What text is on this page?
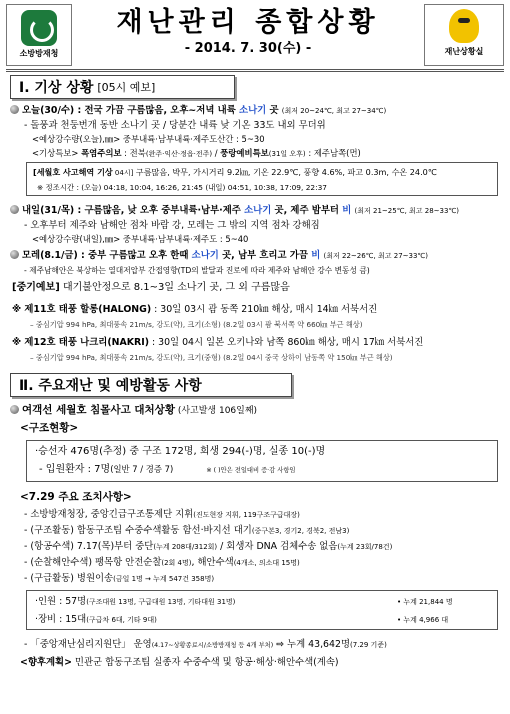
소방방재청
재난관리 종합상황
- 2014. 7. 30(수) -	재난상황실
Ⅰ. 기상 상황 [05시 예보]
오늘(30/수) : 전국 가끔 구름많음, 오후~저녁 내륙 소나기 곳 (최저 20~24℃, 최고 27~34℃)
- 돌풍과 천둥번개 동반 소나기 곳 / 당분간 내륙 낮 기온 33도 내외 무더위
<예상강수량(오늘),㎜> 중부내륙·남부내륙·제주도산간 : 5~30
<기상특보> 폭염주의보 : 전북(완주·익산·정읍·전주) / 풍랑예비특보(31일 오후) : 제주남쪽(먼)
[세월호 사고해역 기상 04시] 구름많음, 박무, 가시거리 9.2㎞, 기온 22.9℃, 풍향 4.6%, 파고 0.3m, 수온 24.0℃
※ 정조시간 : (오늘) 04:18, 10:04, 16:26, 21:45 (내일) 04:51, 10:38, 17:09, 22:37
내일(31/목) : 구름많음, 낮 오후 중부내륙·남부·제주 소나기 곳, 제주 밤부터 비 (최저 21~25℃, 최고 28~33℃)
- 오후부터 제주와 남해안 점차 바람 강, 모레는 그 밖의 지역 점차 강해짐
<예상강수량(내일),㎜> 중부내륙·남부내륙·제주도 : 5~40
모레(8.1/금) : 중부 구름많고 오후 한때 소나기 곳, 남부 흐리고 가끔 비 (최저 22~26℃, 최고 27~33℃)
- 제주남해안은 북상하는 열대저압부 간접영향(TD의 발달과 진로에 따라 제주와 남해안 강수 변동성 큼)
[중기예보] 대기불안정으로 8.1~3일 소나기 곳, 그 외 구름많음
※ 제11호 태풍 할롱(HALONG) : 30일 03시 괌 동쪽 210㎞ 해상, 매시 14㎞ 서북서진
– 중심기압 994 hPa, 최대풍속 21m/s, 강도(약), 크기(소형) (8.2일 03시 괌 북서쪽 약 660㎞ 부근 해상)
※ 제12호 태풍 나크리(NAKRI) : 30일 04시 일본 오키나와 남쪽 860㎞ 해상, 매시 17㎞ 서북서진
– 중심기압 994 hPa, 최대풍속 21m/s, 강도(약), 크기(중형) (8.2일 04시 중국 상하이 남동쪽 약 150㎞ 부근 해상)
Ⅱ. 주요재난 및 예방활동 사항
여객선 세월호 침몰사고 대처상황 (사고발생 106일째)
<구조현황>
·승선자 476명(추정) 중 구조 172명, 희생 294(-)명, 실종 10(-)명
- 입원환자 : 7명(일반 7 / 경증 7)	※ ( )안은 전일대비 증·감 사항임
<7.29 주요 조치사항>
- 소방방재청장, 중앙긴급구조통제단 지휘(진도현장 지휘, 119구조구급대장)
- (구조활동) 합동구조팀 수중수색활동 함선·바지선 대기(중구본3, 경기2, 경북2, 전남3)
- (항공수색) 7.17(목)부터 중단(누계 208대/312회) / 회생자 DNA 검체수송 없음(누계 23회/78건)
- (순찰해안수색) 팽목항 안전순찰(2회 4명), 해안수색(4개소, 의소대 15명)
- (구급활동) 병원이송(금일 1명 → 누계 547건 358명)
·인원 : 57명(구조대원 13명, 구급대원 13명, 기타대원 31명)	• 누계 21,844 명
·장비 : 15대(구급차 6대, 기타 9대)	• 누계 4,966 대
- 「중앙재난심리지원단」 운영(4.17~상황종료시/소방방재청 등 4개 부처) ⇨ 누계 43,642명(7.29 기준)
<향후계획> 민관군 합동구조팀 실종자 수중수색 및 항공·해상·해안수색(계속)
